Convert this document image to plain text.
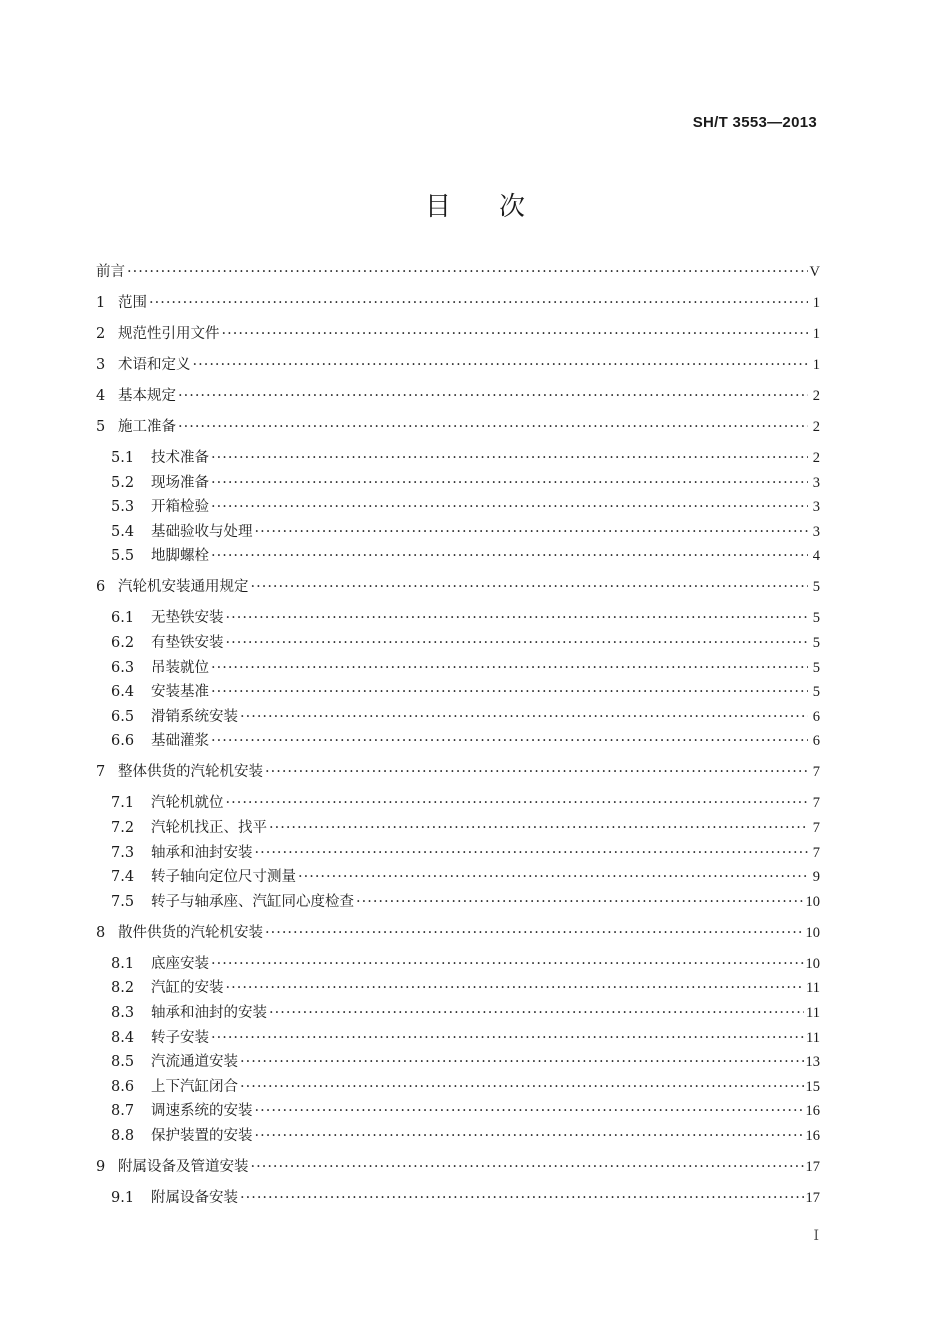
SH/T 3553—2013
目次
前言 ·····	V
1 范围 ·····	1
2 规范性引用文件 ·····	1
3 术语和定义 ·····	1
4 基本规定 ·····	2
5 施工准备 ·····	2
5.1	技术准备 ·····	2
5.2	现场准备 ·····	3
5.3	开箱检验 ·····	3
5.4	基础验收与处理 ·····	3
5.5	地脚螺栓 ·····	4
6 汽轮机安装通用规定 ·····	5
6.1	无垫铁安装 ·····	5
6.2	有垫铁安装 ·····	5
6.3	吊装就位 ·····	5
6.4	安装基准 ·····	5
6.5	滑销系统安装 ·····	6
6.6	基础灌浆 ·····	6
7 整体供货的汽轮机安装 ·····	7
7.1	汽轮机就位 ·····	7
7.2	汽轮机找正、找平 ·····	7
7.3	轴承和油封安装 ·····	7
7.4	转子轴向定位尺寸测量 ·····	9
7.5	转子与轴承座、汽缸同心度检查 ·····	10
8 散件供货的汽轮机安装 ·····	10
8.1	底座安装 ·····	10
8.2	汽缸的安装 ·····	11
8.3	轴承和油封的安装 ·····	11
8.4	转子安装 ·····	11
8.5	汽流通道安装 ·····	13
8.6	上下汽缸闭合 ·····	15
8.7	调速系统的安装 ·····	16
8.8	保护装置的安装 ·····	16
9 附属设备及管道安装 ·····	17
9.1	附属设备安装 ·····	17
I
